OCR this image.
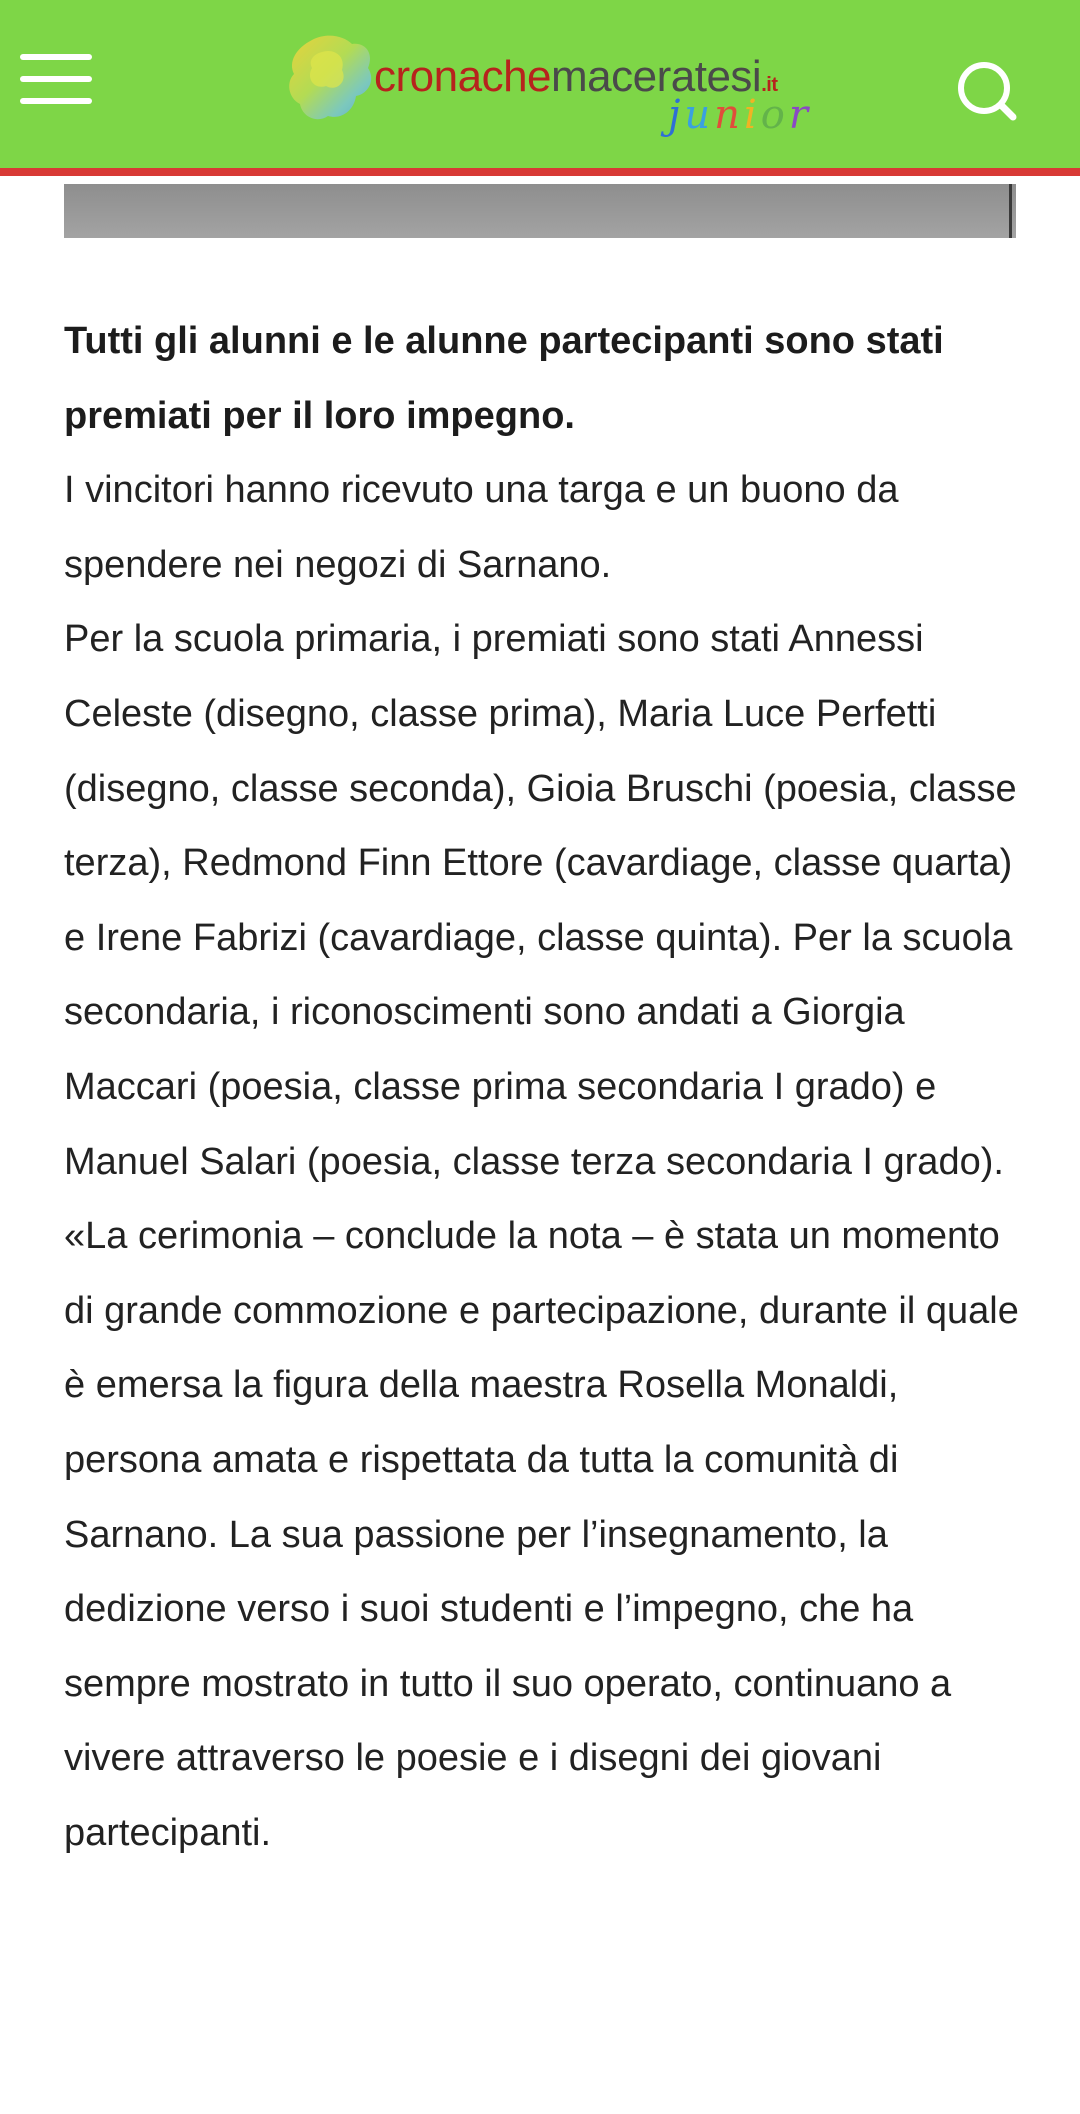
cronachemaceratesi.it
junior

Tutti gli alunni e le alunne partecipanti sono stati premiati per il loro impegno.

I vincitori hanno ricevuto una targa e un buono da spendere nei negozi di Sarnano.

Per la scuola primaria, i premiati sono stati Annessi Celeste (disegno, classe prima), Maria Luce Perfetti (disegno, classe seconda), Gioia Bruschi (poesia, classe terza), Redmond Finn Ettore (cavardiage, classe quarta) e Irene Fabrizi (cavardiage, classe quinta). Per la scuola secondaria, i riconoscimenti sono andati a Giorgia Maccari (poesia, classe prima secondaria I grado) e Manuel Salari (poesia, classe terza secondaria I grado).

«La cerimonia – conclude la nota – è stata un momento di grande commozione e partecipazione, durante il quale è emersa la figura della maestra Rosella Monaldi, persona amata e rispettata da tutta la comunità di Sarnano. La sua passione per l’insegnamento, la dedizione verso i suoi studenti e l’impegno, che ha sempre mostrato in tutto il suo operato, continuano a vivere attraverso le poesie e i disegni dei giovani partecipanti.
